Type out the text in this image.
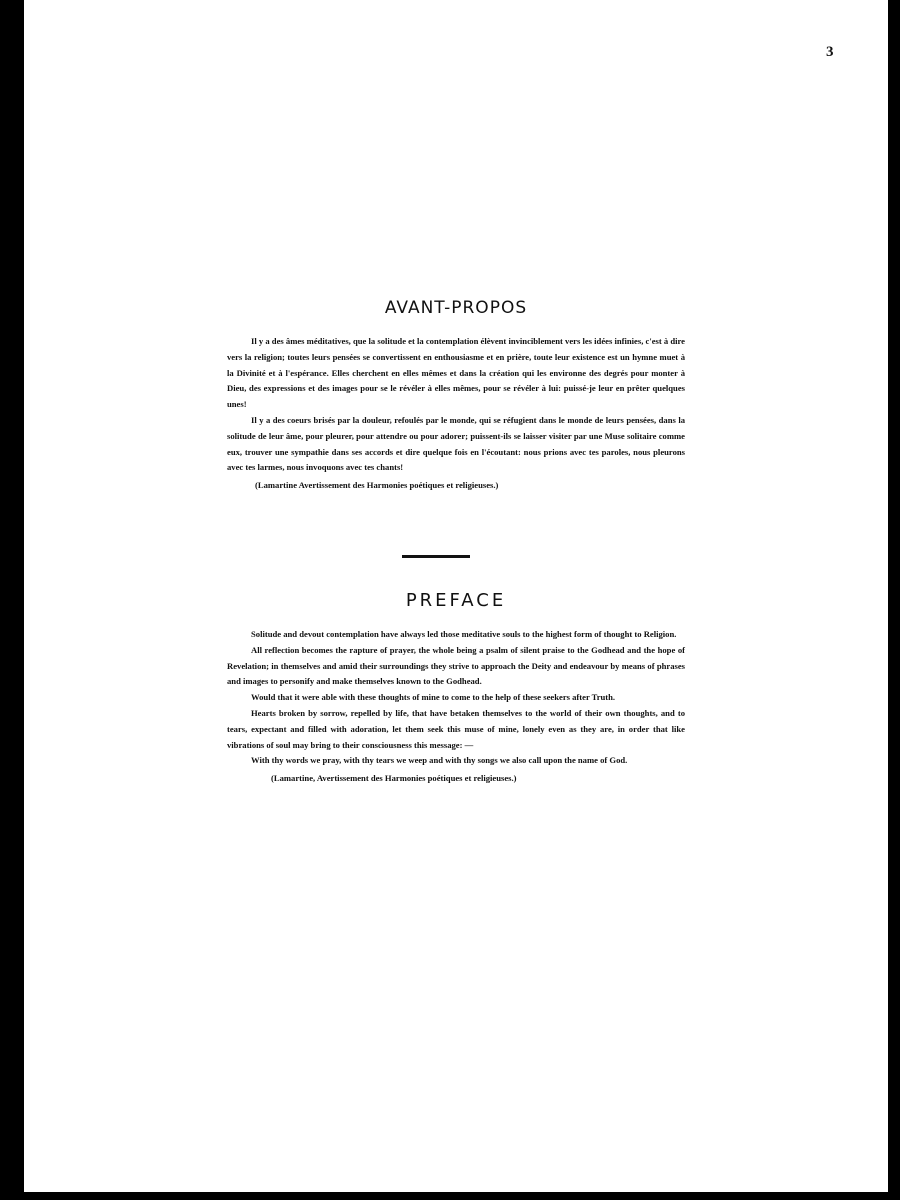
3
AVANT-PROPOS

Il y a des âmes méditatives, que la solitude et la contemplation élèvent invinciblement vers les idées infinies, c'est à dire vers la religion; toutes leurs pensées se convertissent en enthousiasme et en prière, toute leur existence est un hymne muet à la Divinité et à l'espérance. Elles cherchent en elles mêmes et dans la création qui les environne des degrés pour monter à Dieu, des expressions et des images pour se le révéler à elles mêmes, pour se révéler à lui: puissé-je leur en prêter quelques unes!

Il y a des coeurs brisés par la douleur, refoulés par le monde, qui se réfugient dans le monde de leurs pensées, dans la solitude de leur âme, pour pleurer, pour attendre ou pour adorer; puissent-ils se laisser visiter par une Muse solitaire comme eux, trouver une sympathie dans ses accords et dire quelque fois en l'écoutant: nous prions avec tes paroles, nous pleurons avec tes larmes, nous invoquons avec tes chants!

(Lamartine Avertissement des Harmonies poétiques et religieuses.)

PREFACE

Solitude and devout contemplation have always led those meditative souls to the highest form of thought to Religion.

All reflection becomes the rapture of prayer, the whole being a psalm of silent praise to the Godhead and the hope of Revelation; in themselves and amid their surroundings they strive to approach the Deity and endeavour by means of phrases and images to personify and make themselves known to the Godhead.

Would that it were able with these thoughts of mine to come to the help of these seekers after Truth.

Hearts broken by sorrow, repelled by life, that have betaken themselves to the world of their own thoughts, and to tears, expectant and filled with adoration, let them seek this muse of mine, lonely even as they are, in order that like vibrations of soul may bring to their consciousness this message: —

With thy words we pray, with thy tears we weep and with thy songs we also call upon the name of God.

(Lamartine, Avertissement des Harmonies poétiques et religieuses.)
